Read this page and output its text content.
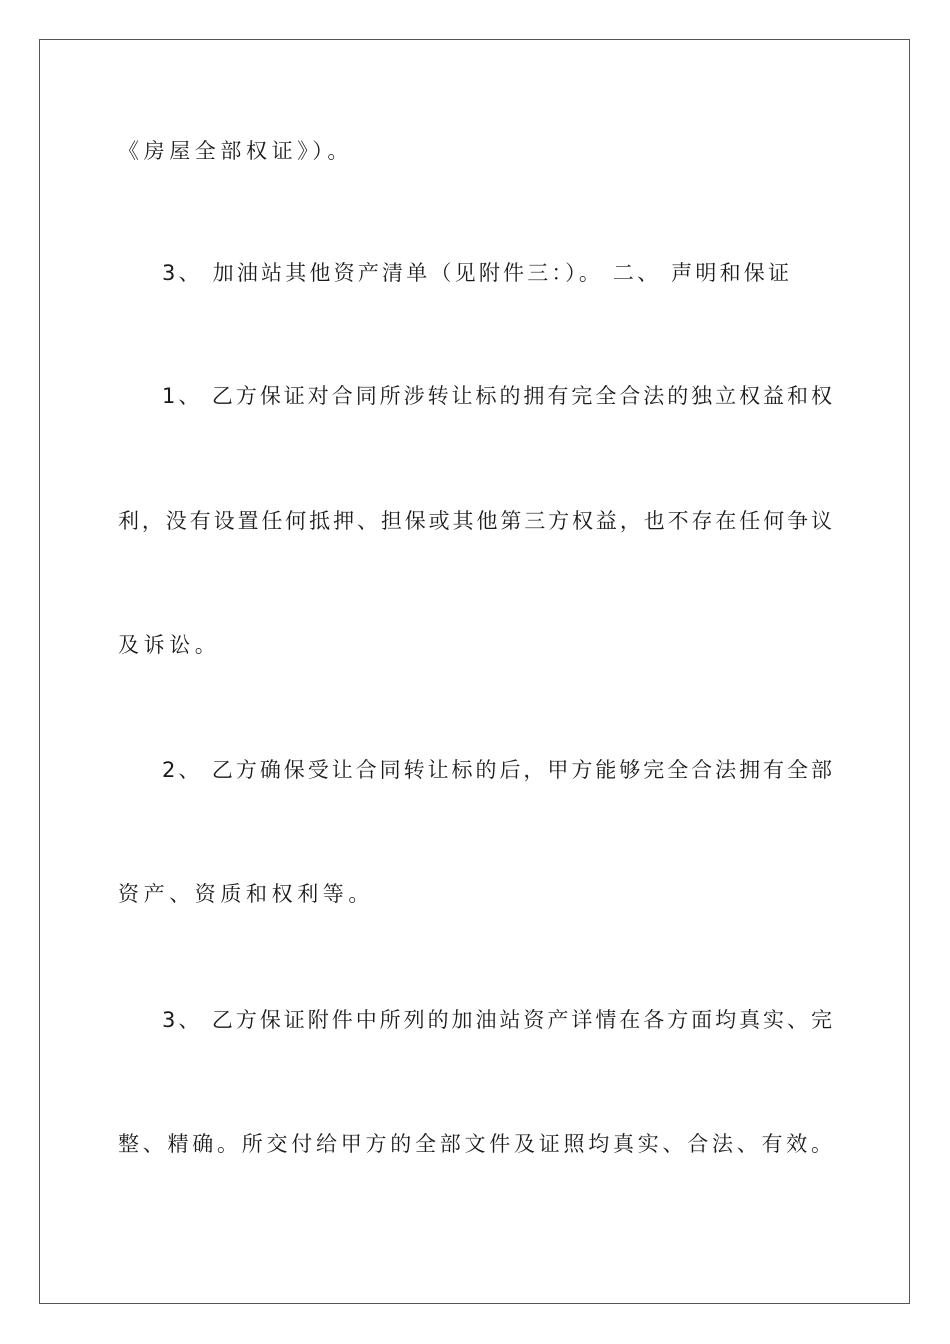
《房屋全部权证》）。
3、 加油站其他资产清单（见附件三：）。 二、 声明和保证
1、 乙方保证对合同所涉转让标的拥有完全合法的独立权益和权
利，没有设置任何抵押、担保或其他第三方权益，也不存在任何争议
及诉讼。
2、 乙方确保受让合同转让标的后，甲方能够完全合法拥有全部
资产、资质和权利等。
3、 乙方保证附件中所列的加油站资产详情在各方面均真实、完
整、精确。所交付给甲方的全部文件及证照均真实、合法、有效。
